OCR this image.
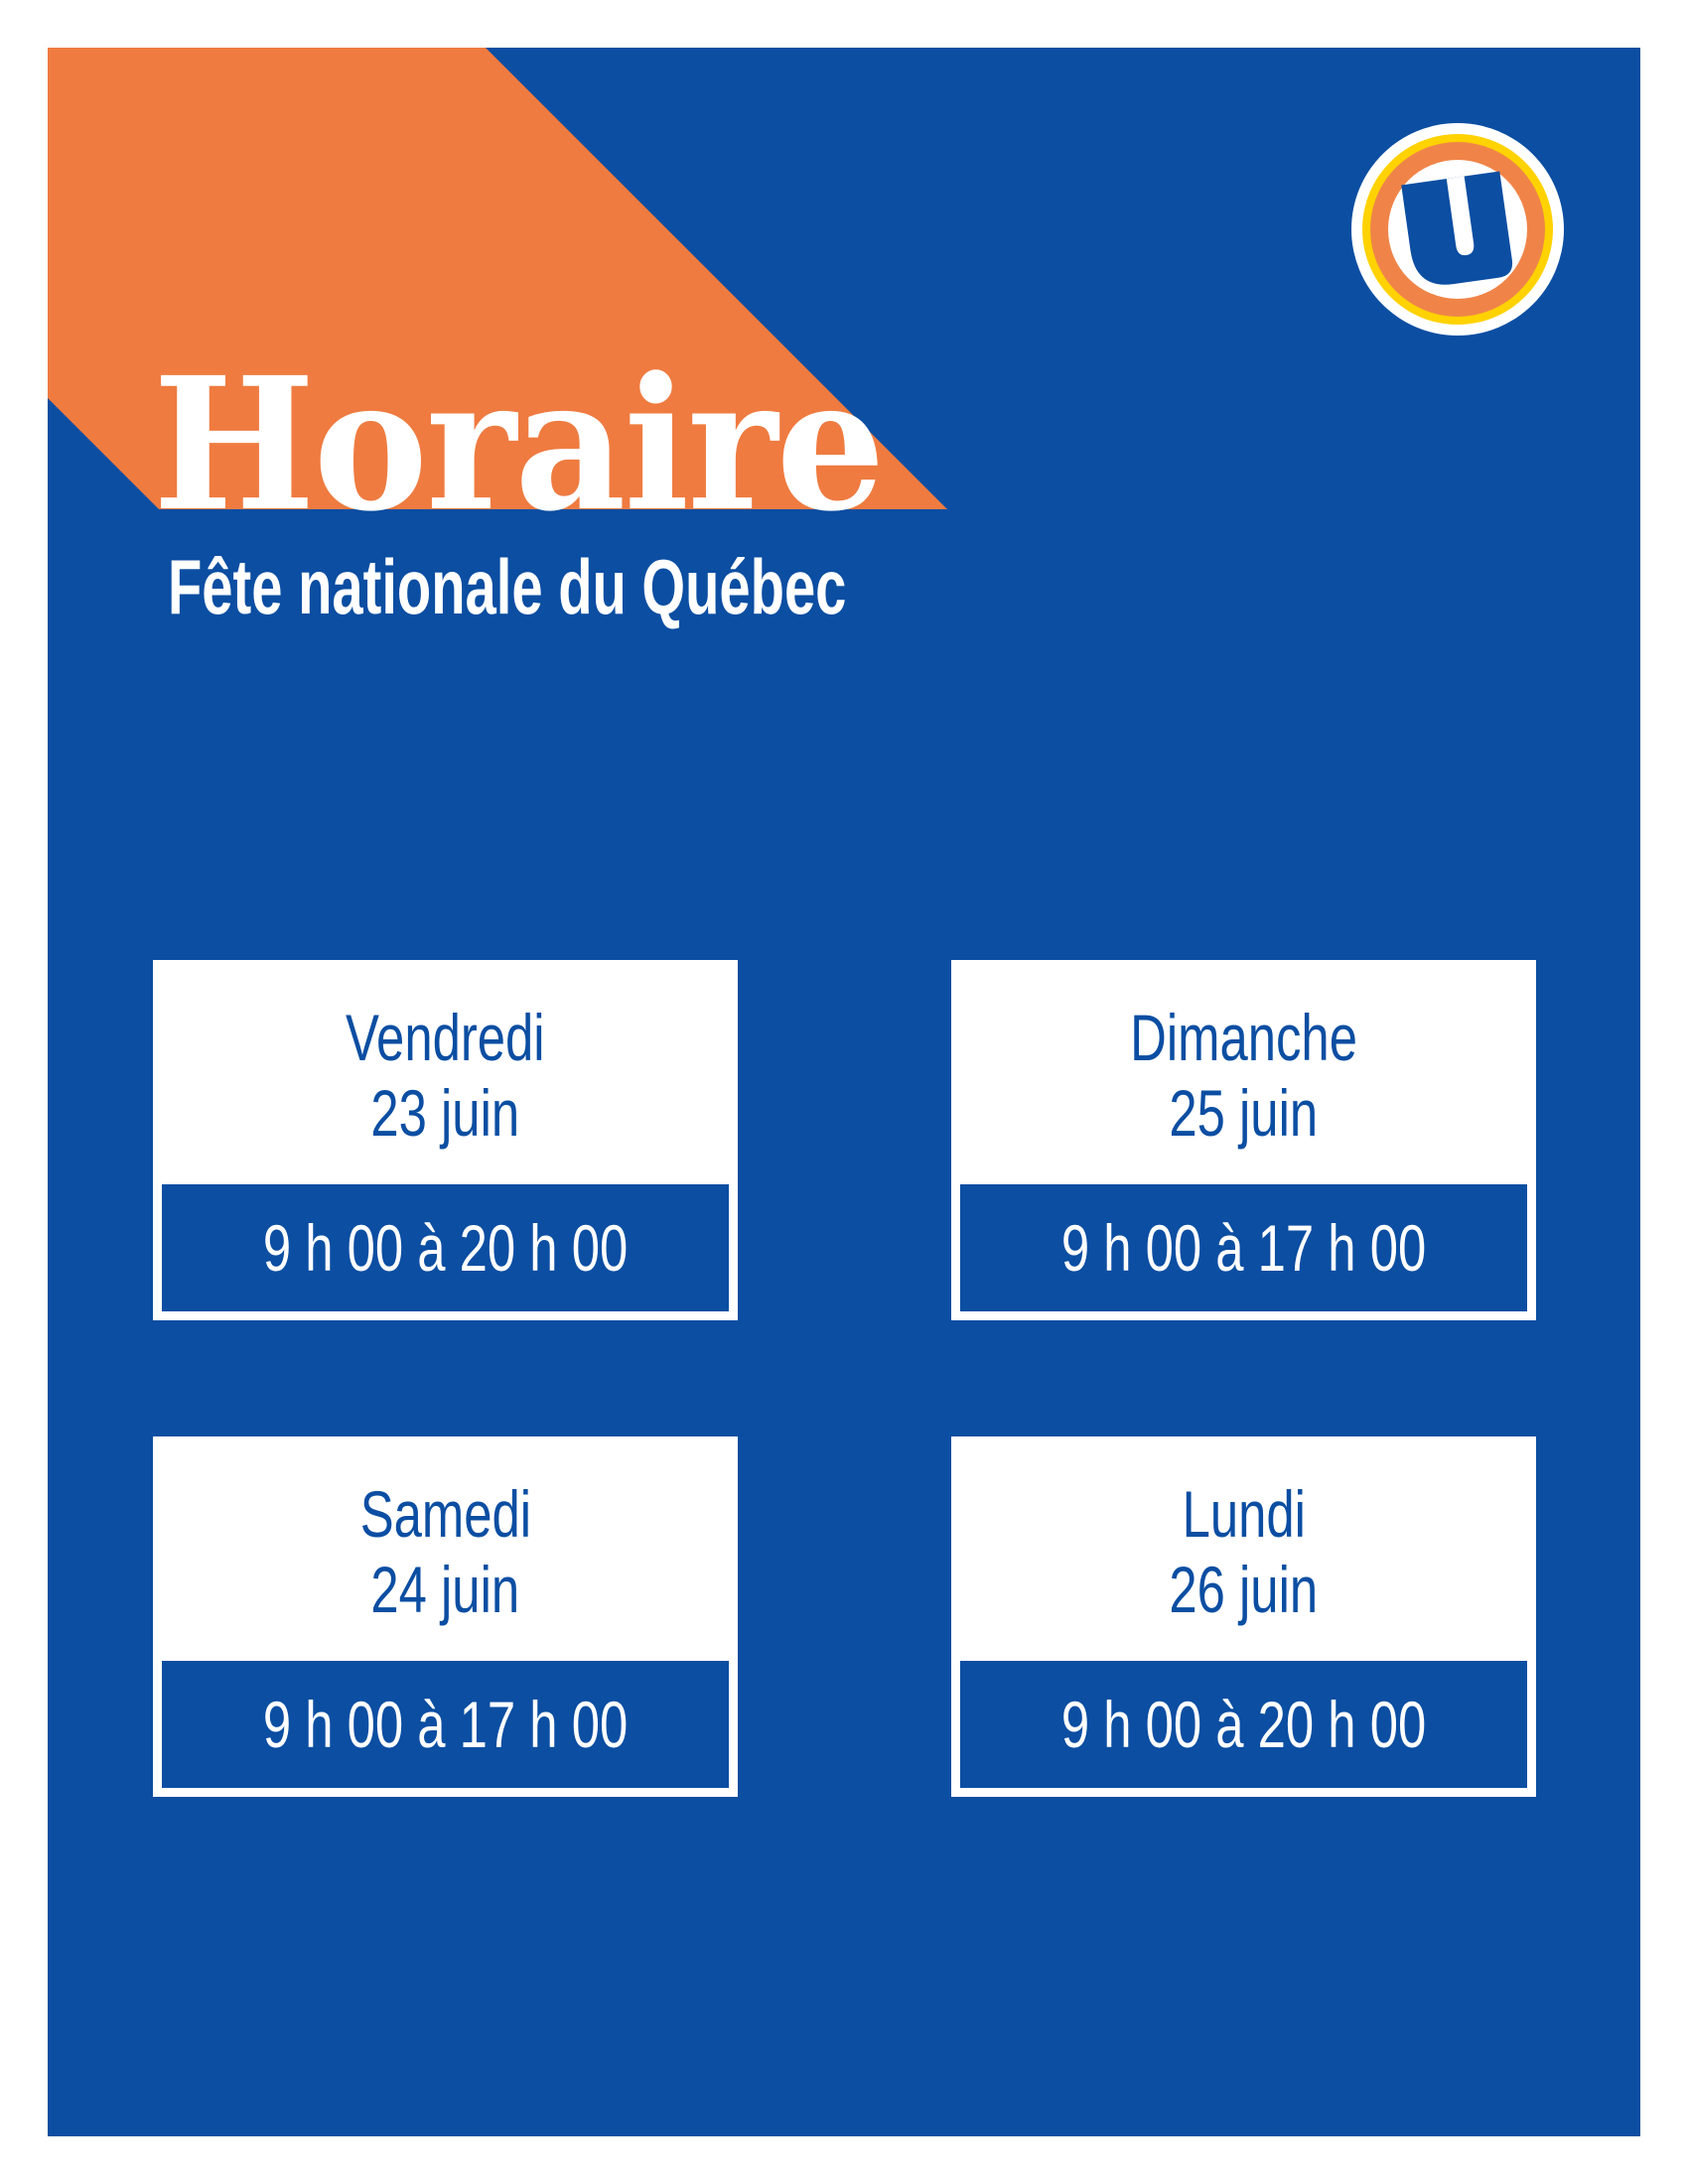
Horaire
Fête nationale du Québec
Vendredi
23 juin
9 h 00 à 20 h 00
Dimanche
25 juin
9 h 00 à 17 h 00
Samedi
24 juin
9 h 00 à 17 h 00
Lundi
26 juin
9 h 00 à 20 h 00
